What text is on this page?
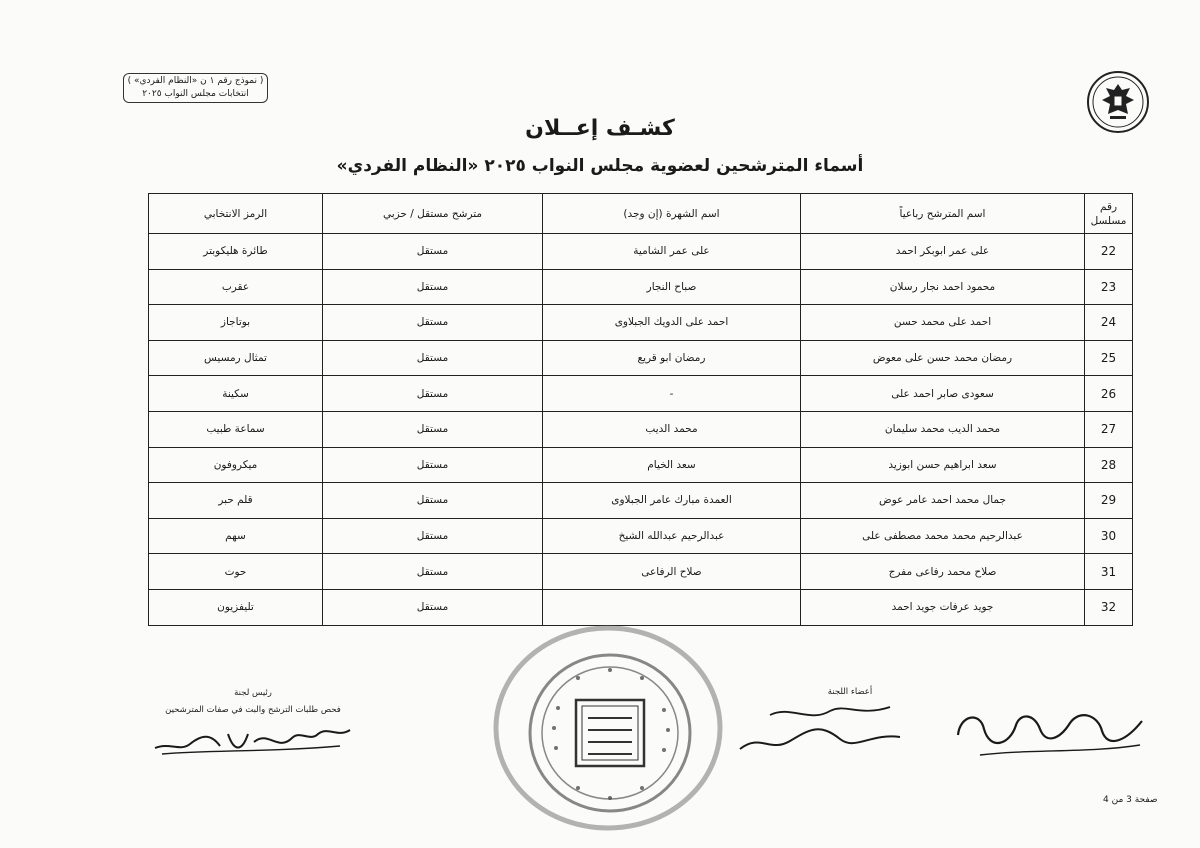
( نموذج رقم ١ ن «النظام الفردي» )
انتخابات مجلس النواب ٢٠٢٥
كشـف إعــلان
أسماء المترشحين لعضوية مجلس النواب ٢٠٢٥ «النظام الفردي»
رقم مسلسل	اسم المترشح رباعياً	اسم الشهرة (إن وجد)	مترشح مستقل / حزبي	الرمز الانتخابي
22	على عمر ابوبكر احمد	على عمر الشامية	مستقل	طائرة هليكوبتر
23	محمود احمد نجار رسلان	صباح النجار	مستقل	عقرب
24	احمد على محمد حسن	احمد على الدويك الجبلاوى	مستقل	بوتاجاز
25	رمضان محمد حسن على معوض	رمضان ابو قريع	مستقل	تمثال رمسيس
26	سعودى صابر احمد على	-	مستقل	سكينة
27	محمد الديب محمد سليمان	محمد الديب	مستقل	سماعة طبيب
28	سعد ابراهيم حسن ابوزيد	سعد الخيام	مستقل	ميكروفون
29	جمال محمد احمد عامر عوض	العمدة مبارك عامر الجبلاوى	مستقل	قلم حبر
30	عبدالرحيم محمد محمد مصطفى على	عبدالرحيم عبدالله الشيخ	مستقل	سهم
31	صلاح محمد رفاعى مفرج	صلاح الرفاعى	مستقل	حوت
32	جويد عرفات جويد احمد		مستقل	تليفزيون
رئيس لجنة
فحص طلبات الترشح والبت في صفات المترشحين
أعضاء اللجنة
صفحة 3 من 4
